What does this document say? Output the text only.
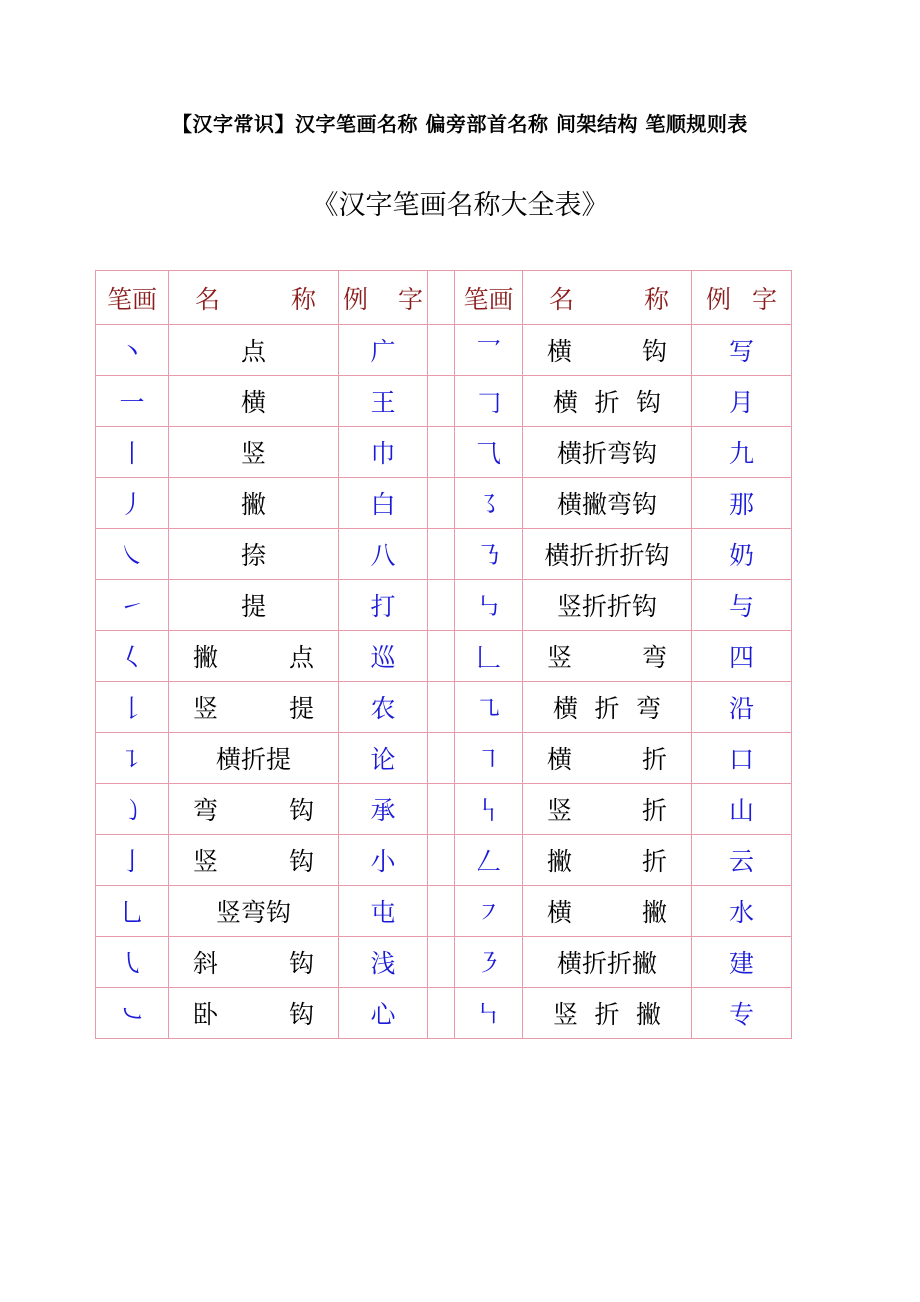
【汉字常识】汉字笔画名称 偏旁部首名称 间架结构 笔顺规则表
《汉字笔画名称大全表》
笔画	名 称	例 字		笔画	名 称	例 字

丶	点	广		乛	横 钩	写
一	横	王		𠃌	横 折 钩	月
丨	竖	巾		⺄	横折弯钩	九
丿	撇	白		㇌	横撇弯钩	那
㇏	捺	八		㇡	横折折折钩	奶
㇀	提	打		㇉	竖折折钩	与
𡿨	撇 点	巡		𠃊	竖 弯	四
𠄌	竖 提	农		㇈	横 折 弯	沿
㇊	横折提	论		㇕	横 折	口
㇁	弯 钩	承		𠃑	竖 折	山
亅	竖 钩	小		𠃋	撇 折	云
乚	竖弯钩	屯		㇇	横 撇	水
㇂	斜 钩	浅		㇋	横折折撇	建
㇃	卧 钩	心		㇞	竖 折 撇	专
